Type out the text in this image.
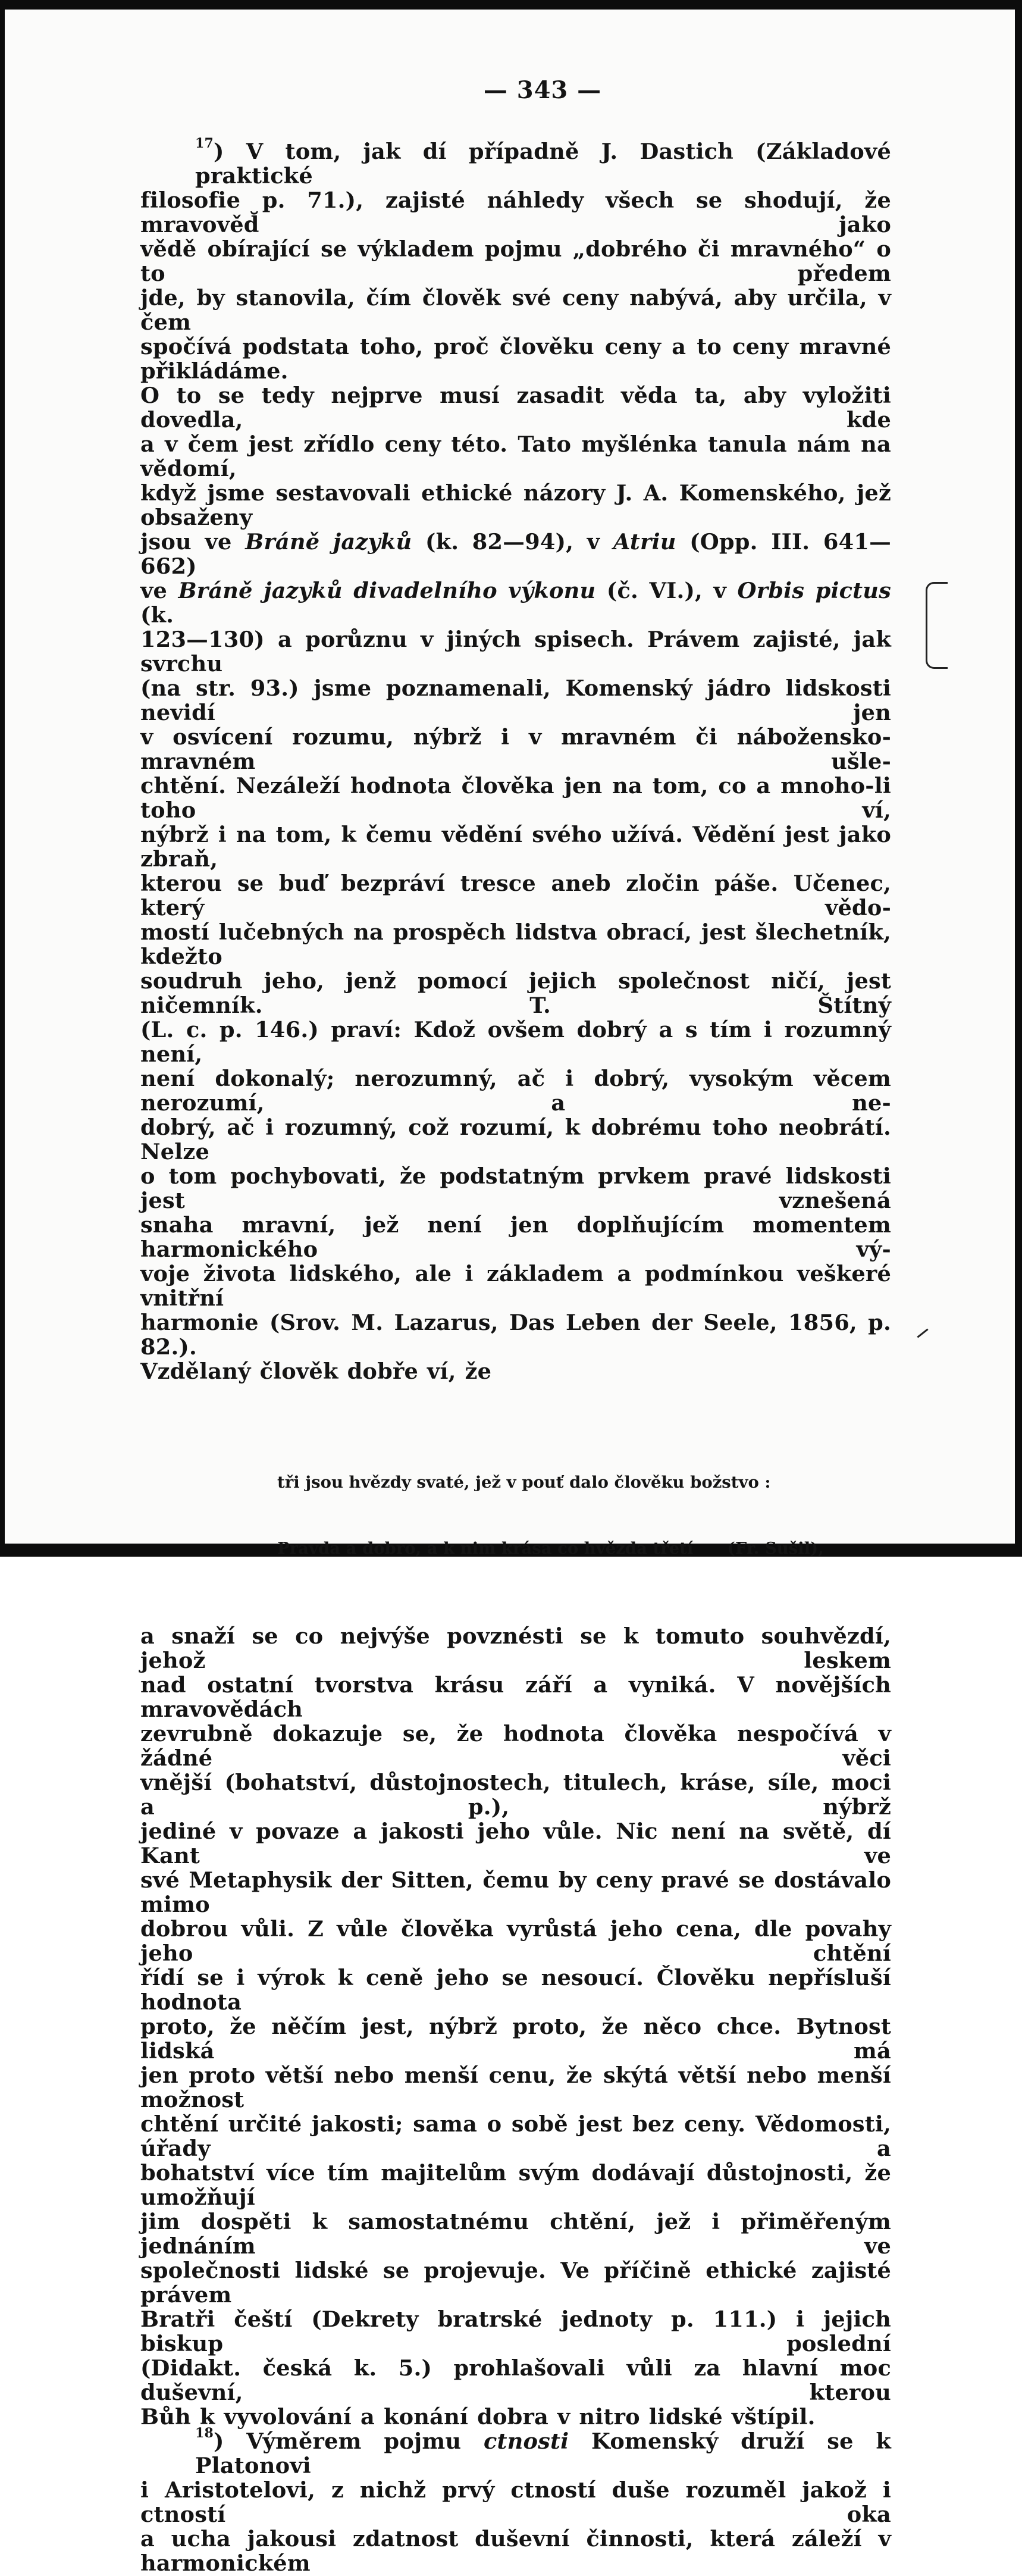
— 343 —
$^{17}$) V tom, jak dí případně J. Dastich (Základové praktické
filosofie p. 71.), zajisté náhledy všech se shodují, že mravověd̆ jako
vědě obírající se výkladem pojmu „dobrého či mravného“ o to předem
jde, by stanovila, čím člověk své ceny nabývá, aby určila, v čem
spočívá podstata toho, proč člověku ceny a to ceny mravné přikládáme.
O to se tedy nejprve musí zasadit věda ta, aby vyložiti dovedla, kde
a v čem jest zřídlo ceny této. Tato myšlénka tanula nám na vědomí,
když jsme sestavovali ethické názory J. A. Komenského, jež obsaženy
jsou ve Bráně jazyků (k. 82—94), v Atriu (Opp. III. 641—662)
ve Bráně jazyků divadelního výkonu (č. VI.), v Orbis pictus (k.
123—130) a porůznu v jiných spisech. Právem zajisté, jak svrchu
(na str. 93.) jsme poznamenali, Komenský jádro lidskosti nevidí jen
v osvícení rozumu, nýbrž i v mravném či nábožensko-mravném ušle-
chtění. Nezáleží hodnota člověka jen na tom, co a mnoho-li toho ví,
nýbrž i na tom, k čemu vědění svého užívá. Vědění jest jako zbraň,
kterou se buď bezpráví tresce aneb zločin páše. Učenec, který vědo-
mostí lučebných na prospěch lidstva obrací, jest šlechetník, kdežto
soudruh jeho, jenž pomocí jejich společnost ničí, jest ničemník. T. Štítný
(L. c. p. 146.) praví: Kdož ovšem dobrý a s tím i rozumný není,
není dokonalý; nerozumný, ač i dobrý, vysokým věcem nerozumí, a ne-
dobrý, ač i rozumný, což rozumí, k dobrému toho neobrátí. Nelze
o tom pochybovati, že podstatným prvkem pravé lidskosti jest vznešená
snaha mravní, jež není jen doplňujícím momentem harmonického vý-
voje života lidského, ale i základem a podmínkou veškeré vnitřní
harmonie (Srov. M. Lazarus, Das Leben der Seele, 1856, p. 82.).
Vzdělaný člověk dobře ví, že

tři jsou hvězdy svaté, jež v pouť dalo člověku božstvo :

Pravda a dobro, a k nim krása co hvězda třetí      (Fr. Sušil),

a snaží se co nejvýše povznésti se k tomuto souhvězdí, jehož leskem
nad ostatní tvorstva krásu září a vyniká. V novějších mravovědách
zevrubně dokazuje se, že hodnota člověka nespočívá v žádné věci
vnější (bohatství, důstojnostech, titulech, kráse, síle, moci a p.), nýbrž
jediné v povaze a jakosti jeho vůle. Nic není na světě, dí Kant ve
své Metaphysik der Sitten, čemu by ceny pravé se dostávalo mimo
dobrou vůli. Z vůle člověka vyrůstá jeho cena, dle povahy jeho chtění
řídí se i výrok k ceně jeho se nesoucí. Člověku nepřísluší hodnota
proto, že něčím jest, nýbrž proto, že něco chce. Bytnost lidská má
jen proto větší nebo menší cenu, že skýtá větší nebo menší možnost
chtění určité jakosti; sama o sobě jest bez ceny. Vědomosti, úřady a
bohatství více tím majitelům svým dodávají důstojnosti, že umožňují
jim dospěti k samostatnému chtění, jež i přiměřeným jednáním ve
společnosti lidské se projevuje. Ve příčině ethické zajisté právem
Bratři čeští (Dekrety bratrské jednoty p. 111.) i jejich biskup poslední
(Didakt. česká k. 5.) prohlašovali vůli za hlavní moc duševní, kterou
Bůh k vyvolování a konání dobra v nitro lidské vštípil.
$^{18}$) Výměrem pojmu ctnosti Komenský druží se k Platonovi
i Aristotelovi, z nichž prvý ctností duše rozuměl jakož i ctností oka
a ucha jakousi zdatnost duševní činnosti, která záleží v harmonickém
